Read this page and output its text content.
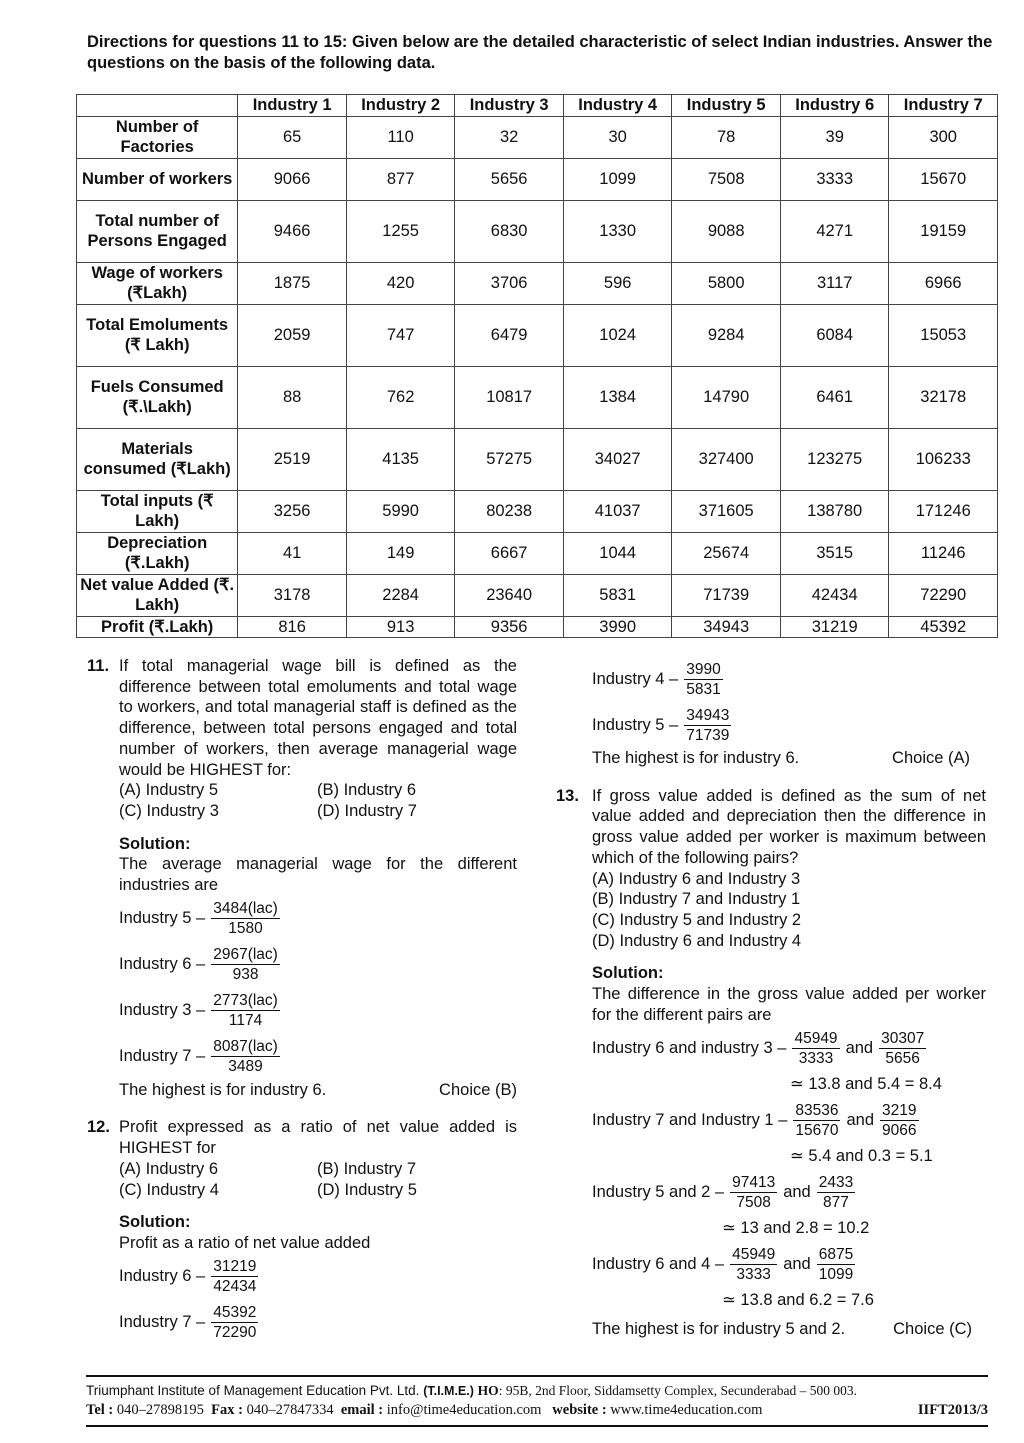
Directions for questions 11 to 15: Given below are the detailed characteristic of select Indian industries. Answer the questions on the basis of the following data.
	Industry 1	Industry 2	Industry 3	Industry 4	Industry 5	Industry 6	Industry 7
Number of Factories	65	110	32	30	78	39	300
Number of workers	9066	877	5656	1099	7508	3333	15670
Total number of Persons Engaged	9466	1255	6830	1330	9088	4271	19159
Wage of workers (₹Lakh)	1875	420	3706	596	5800	3117	6966
Total Emoluments (₹ Lakh)	2059	747	6479	1024	9284	6084	15053
Fuels Consumed (₹.\Lakh)	88	762	10817	1384	14790	6461	32178
Materials consumed (₹Lakh)	2519	4135	57275	34027	327400	123275	106233
Total inputs (₹ Lakh)	3256	5990	80238	41037	371605	138780	171246
Depreciation (₹.Lakh)	41	149	6667	1044	25674	3515	11246
Net value Added (₹. Lakh)	3178	2284	23640	5831	71739	42434	72290
Profit (₹.Lakh)	816	913	9356	3990	34943	31219	45392
11. If total managerial wage bill is defined as the difference between total emoluments and total wage to workers, and total managerial staff is defined as the difference, between total persons engaged and total number of workers, then average managerial wage would be HIGHEST for:
(A) Industry 5	(B) Industry 6
(C) Industry 3	(D) Industry 7
Solution:
The average managerial wage for the different industries are
Industry $5 - \frac{\text{3484(lac)}}{1580}$
Industry $6 - \frac{\text{2967(lac)}}{938}$
Industry $3 - \frac{\text{2773(lac)}}{1174}$
Industry $7 - \frac{\text{8087(lac)}}{3489}$
The highest is for industry 6.	Choice (B)
12. Profit expressed as a ratio of net value added is HIGHEST for
(A) Industry 6	(B) Industry 7
(C) Industry 4	(D) Industry 5
Solution:
Profit as a ratio of net value added
Industry $6 - \frac{31219}{42434}$
Industry $7 - \frac{45392}{72290}$
Industry $4 - \frac{3990}{5831}$
Industry $5 - \frac{34943}{71739}$
The highest is for industry 6.	Choice (A)
13. If gross value added is defined as the sum of net value added and depreciation then the difference in gross value added per worker is maximum between which of the following pairs?
(A) Industry 6 and Industry 3
(B) Industry 7 and Industry 1
(C) Industry 5 and Industry 2
(D) Industry 6 and Industry 4
Solution:
The difference in the gross value added per worker for the different pairs are
Industry 6 and industry $3 - \frac{45949}{3333}$ and $\frac{30307}{5656}$
≃ 13.8 and 5.4 = 8.4
Industry 7 and Industry $1 - \frac{83536}{15670}$ and $\frac{3219}{9066}$
≃ 5.4 and 0.3 = 5.1
Industry 5 and $2 - \frac{97413}{7508}$ and $\frac{2433}{877}$
≃ 13 and 2.8 = 10.2
Industry 6 and $4 - \frac{45949}{3333}$ and $\frac{6875}{1099}$
≃ 13.8 and 6.2 = 7.6
The highest is for industry 5 and 2.	Choice (C)
Triumphant Institute of Management Education Pvt. Ltd. (T.I.M.E.) HO: 95B, 2nd Floor, Siddamsetty Complex, Secunderabad – 500 003.
Tel : 040–27898195 Fax : 040–27847334 email : info@time4education.com website : www.time4education.com	IIFT2013/3
